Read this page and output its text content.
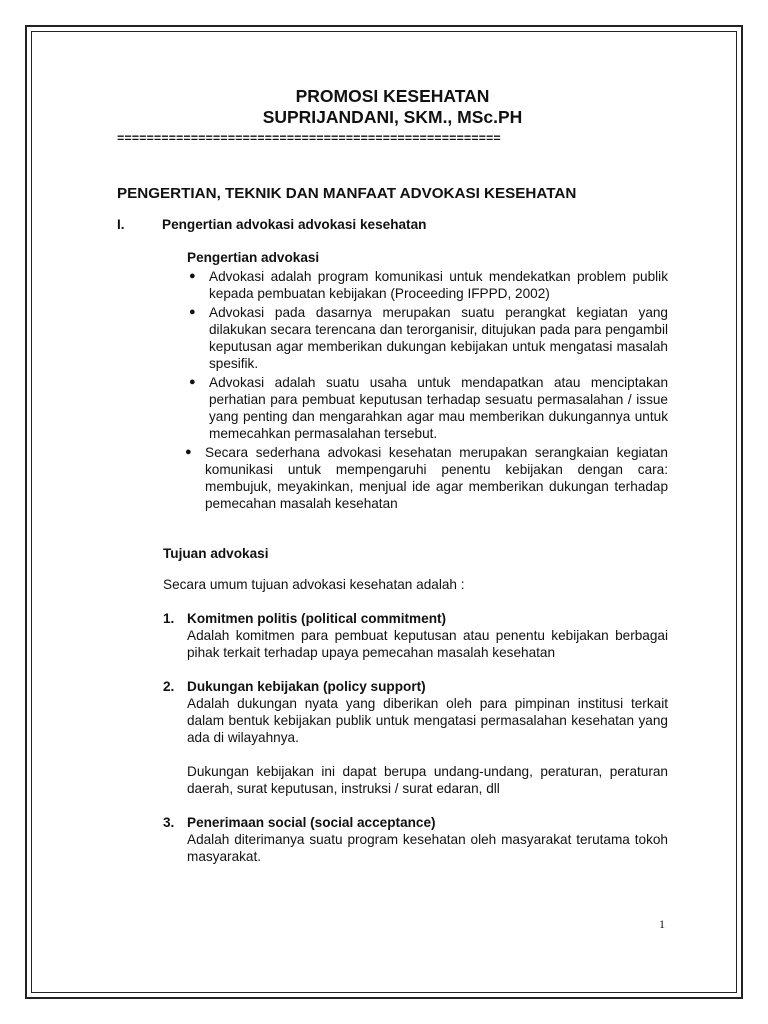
PROMOSI KESEHATAN
SUPRIJANDANI, SKM., MSc.PH
====================================================
PENGERTIAN, TEKNIK DAN MANFAAT ADVOKASI KESEHATAN
I.	Pengertian advokasi advokasi kesehatan
Pengertian advokasi
● Advokasi adalah program komunikasi untuk mendekatkan problem publik kepada pembuatan kebijakan (Proceeding IFPPD, 2002)
● Advokasi pada dasarnya merupakan suatu perangkat kegiatan yang dilakukan secara terencana dan terorganisir, ditujukan pada para pengambil keputusan agar memberikan dukungan kebijakan untuk mengatasi masalah spesifik.
● Advokasi adalah suatu usaha untuk mendapatkan atau menciptakan perhatian para pembuat keputusan terhadap sesuatu permasalahan / issue yang penting dan mengarahkan agar mau memberikan dukungannya untuk memecahkan permasalahan tersebut.
● Secara sederhana advokasi kesehatan merupakan serangkaian kegiatan komunikasi untuk mempengaruhi penentu kebijakan dengan cara: membujuk, meyakinkan, menjual ide agar memberikan dukungan terhadap pemecahan masalah kesehatan
Tujuan advokasi
Secara umum tujuan advokasi kesehatan adalah :
1. Komitmen politis (political commitment)

Adalah komitmen para pembuat keputusan atau penentu kebijakan berbagai pihak terkait terhadap upaya pemecahan masalah kesehatan

2. Dukungan kebijakan (policy support)

Adalah dukungan nyata yang diberikan oleh para pimpinan institusi terkait dalam bentuk kebijakan publik untuk mengatasi permasalahan kesehatan yang ada di wilayahnya.

Dukungan kebijakan ini dapat berupa undang-undang, peraturan, peraturan daerah, surat keputusan, instruksi / surat edaran, dll

3. Penerimaan social (social acceptance)

Adalah diterimanya suatu program kesehatan oleh masyarakat terutama tokoh masyarakat.

1
